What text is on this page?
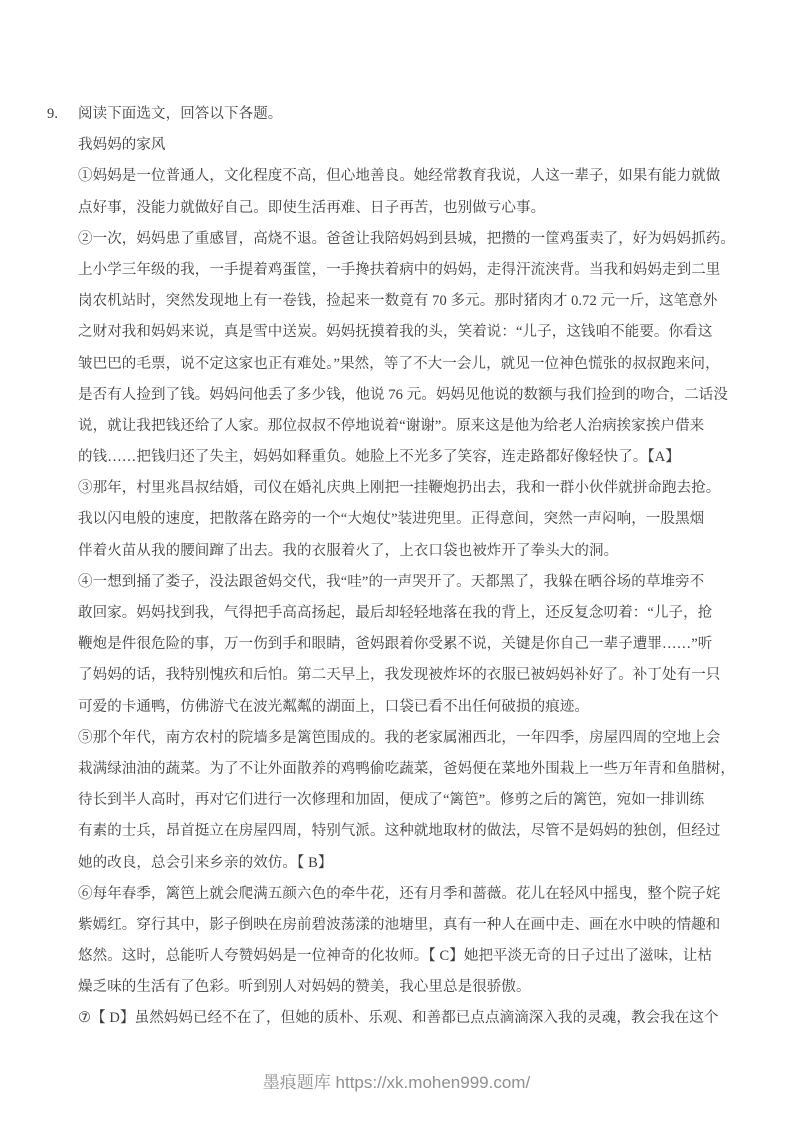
9. 阅读下面选文，回答以下各题。
我妈妈的家风
①妈妈是一位普通人，文化程度不高，但心地善良。她经常教育我说，人这一辈子，如果有能力就做
点好事，没能力就做好自己。即使生活再难、日子再苦，也别做亏心事。
②一次，妈妈患了重感冒，高烧不退。爸爸让我陪妈妈到县城，把攒的一筐鸡蛋卖了，好为妈妈抓药。
上小学三年级的我，一手提着鸡蛋筐，一手搀扶着病中的妈妈，走得汗流浃背。当我和妈妈走到二里
岗农机站时，突然发现地上有一卷钱，捡起来一数竟有 70 多元。那时猪肉才 0.72 元一斤，这笔意外
之财对我和妈妈来说，真是雪中送炭。妈妈抚摸着我的头，笑着说：“儿子，这钱咱不能要。你看这
皱巴巴的毛票，说不定这家也正有难处。”果然，等了不大一会儿，就见一位神色慌张的叔叔跑来问，
是否有人捡到了钱。妈妈问他丢了多少钱，他说 76 元。妈妈见他说的数额与我们捡到的吻合，二话没
说，就让我把钱还给了人家。那位叔叔不停地说着“谢谢”。原来这是他为给老人治病挨家挨户借来
的钱……把钱归还了失主，妈妈如释重负。她脸上不光多了笑容，连走路都好像轻快了。【A】
③那年，村里兆昌叔结婚，司仪在婚礼庆典上刚把一挂鞭炮扔出去，我和一群小伙伴就拼命跑去抢。
我以闪电般的速度，把散落在路旁的一个“大炮仗”装进兜里。正得意间，突然一声闷响，一股黑烟
伴着火苗从我的腰间蹿了出去。我的衣服着火了，上衣口袋也被炸开了拳头大的洞。
④一想到捅了娄子，没法跟爸妈交代，我“哇”的一声哭开了。天都黑了，我躲在晒谷场的草堆旁不
敢回家。妈妈找到我，气得把手高高扬起，最后却轻轻地落在我的背上，还反复念叨着：“儿子，抢
鞭炮是件很危险的事，万一伤到手和眼睛，爸妈跟着你受累不说，关键是你自己一辈子遭罪……”听
了妈妈的话，我特别愧疚和后怕。第二天早上，我发现被炸坏的衣服已被妈妈补好了。补丁处有一只
可爱的卡通鸭，仿佛游弋在波光粼粼的湖面上，口袋已看不出任何破损的痕迹。
⑤那个年代，南方农村的院墙多是篱笆围成的。我的老家属湘西北，一年四季，房屋四周的空地上会
栽满绿油油的蔬菜。为了不让外面散养的鸡鸭偷吃蔬菜，爸妈便在菜地外围栽上一些万年青和鱼腊树，
待长到半人高时，再对它们进行一次修理和加固，便成了“篱笆”。修剪之后的篱笆，宛如一排训练
有素的士兵，昂首挺立在房屋四周，特别气派。这种就地取材的做法，尽管不是妈妈的独创，但经过
她的改良，总会引来乡亲的效仿。【 B】
⑥每年春季，篱笆上就会爬满五颜六色的牵牛花，还有月季和蔷薇。花儿在轻风中摇曳，整个院子姹
紫嫣红。穿行其中，影子倒映在房前碧波荡漾的池塘里，真有一种人在画中走、画在水中映的情趣和
悠然。这时，总能听人夸赞妈妈是一位神奇的化妆师。【 C】她把平淡无奇的日子过出了滋味，让枯
燥乏味的生活有了色彩。听到别人对妈妈的赞美，我心里总是很骄傲。
⑦【 D】虽然妈妈已经不在了，但她的质朴、乐观、和善都已点点滴滴深入我的灵魂，教会我在这个
墨痕题库 https://xk.mohen999.com/
